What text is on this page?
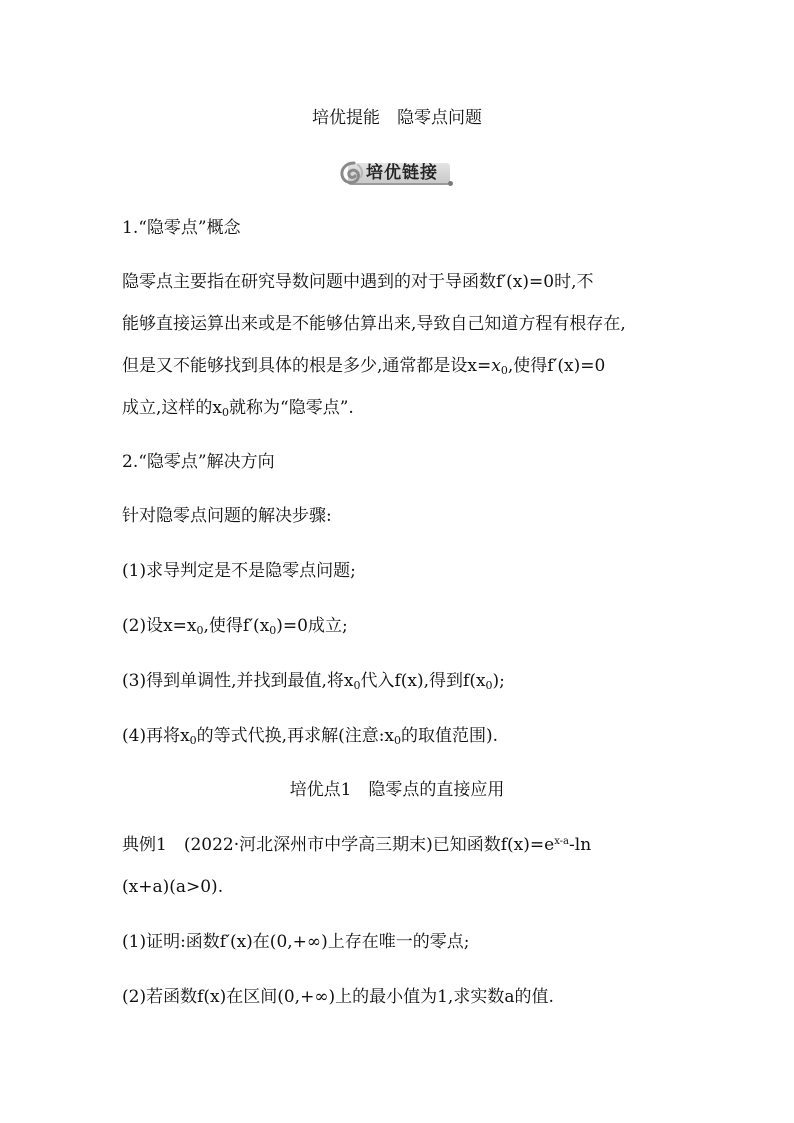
培优提能　隐零点问题
培优链接
1.“隐零点”概念
隐零点主要指在研究导数问题中遇到的对于导函数f′(x)=0时,不
能够直接运算出来或是不能够估算出来,导致自己知道方程有根存在,
但是又不能够找到具体的根是多少,通常都是设$x=x_0$,使得f′(x)=0
成立,这样的$x_0$就称为“隐零点”.
2.“隐零点”解决方向
针对隐零点问题的解决步骤:
(1)求导判定是不是隐零点问题;
(2)设$x=x_0$,使得$f'(x_0)=0$成立;
(3)得到单调性,并找到最值,将$x_0$代入f(x),得到$f(x_0)$;
(4)再将$x_0$的等式代换,再求解(注意$:x_0$的取值范围).
培优点1　隐零点的直接应用
典例1　(2022·河北深州市中学高三期末)已知函数$f(x)=e^{x-a}-\ln$
(x+a)(a>0).
(1)证明:函数f′(x)在(0,+∞)上存在唯一的零点;
(2)若函数f(x)在区间(0,+∞)上的最小值为1,求实数a的值.
